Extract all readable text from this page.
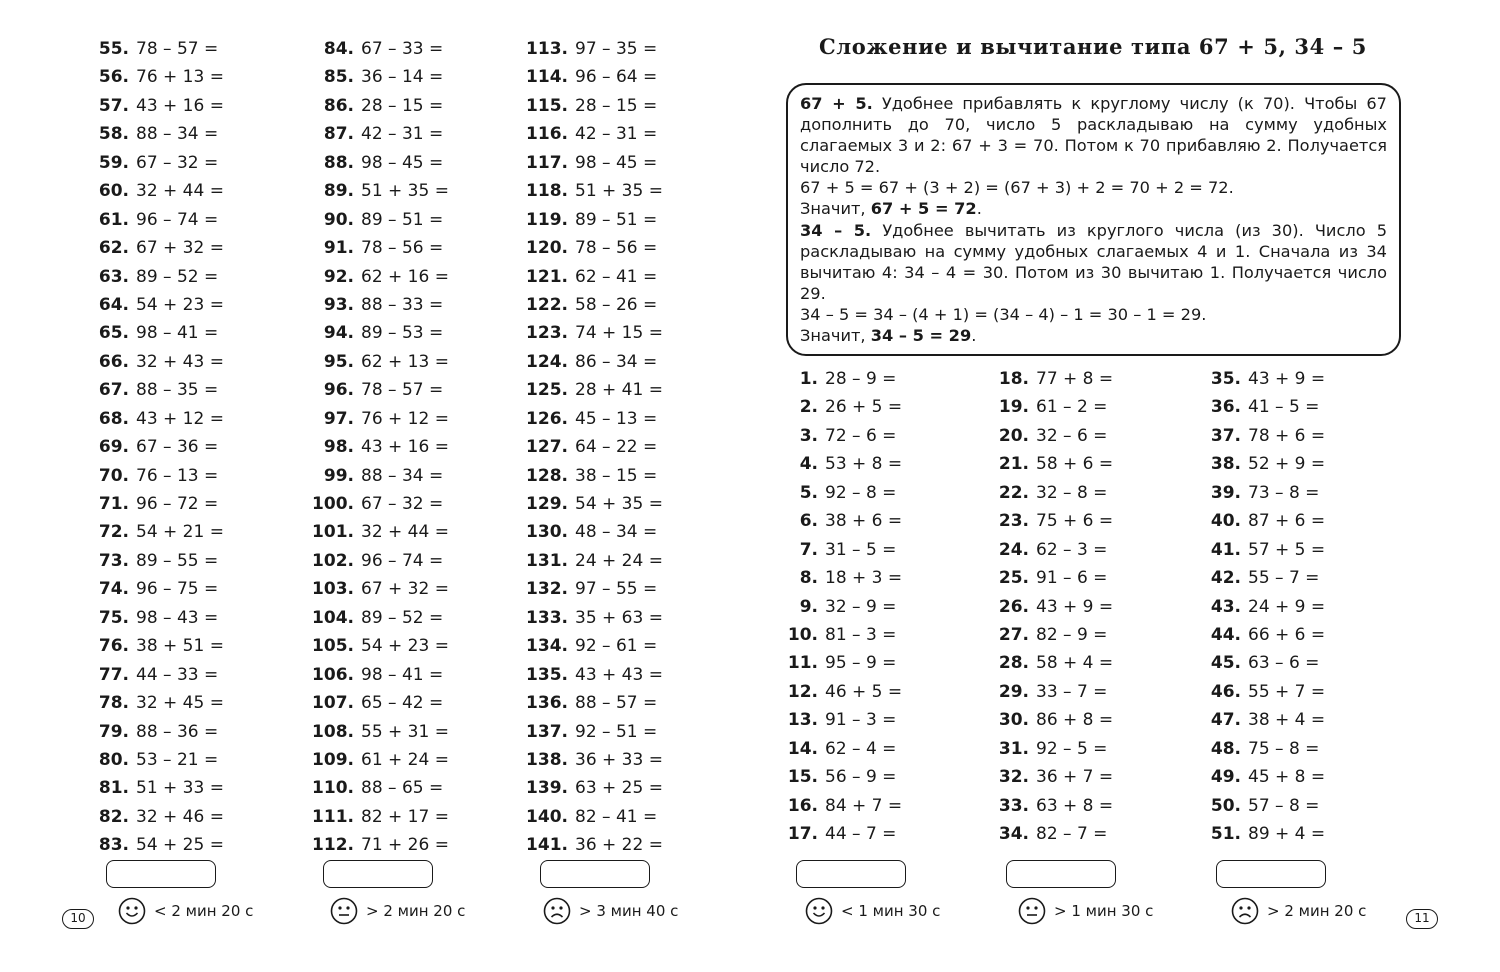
55. 78 – 57 =
56. 76 + 13 =
57. 43 + 16 =
58. 88 – 34 =
59. 67 – 32 =
60. 32 + 44 =
61. 96 – 74 =
62. 67 + 32 =
63. 89 – 52 =
64. 54 + 23 =
65. 98 – 41 =
66. 32 + 43 =
67. 88 – 35 =
68. 43 + 12 =
69. 67 – 36 =
70. 76 – 13 =
71. 96 – 72 =
72. 54 + 21 =
73. 89 – 55 =
74. 96 – 75 =
75. 98 – 43 =
76. 38 + 51 =
77. 44 – 33 =
78. 32 + 45 =
79. 88 – 36 =
80. 53 – 21 =
81. 51 + 33 =
82. 32 + 46 =
83. 54 + 25 =
84. 67 – 33 =
85. 36 – 14 =
86. 28 – 15 =
87. 42 – 31 =
88. 98 – 45 =
89. 51 + 35 =
90. 89 – 51 =
91. 78 – 56 =
92. 62 + 16 =
93. 88 – 33 =
94. 89 – 53 =
95. 62 + 13 =
96. 78 – 57 =
97. 76 + 12 =
98. 43 + 16 =
99. 88 – 34 =
100. 67 – 32 =
101. 32 + 44 =
102. 96 – 74 =
103. 67 + 32 =
104. 89 – 52 =
105. 54 + 23 =
106. 98 – 41 =
107. 65 – 42 =
108. 55 + 31 =
109. 61 + 24 =
110. 88 – 65 =
111. 82 + 17 =
112. 71 + 26 =
113. 97 – 35 =
114. 96 – 64 =
115. 28 – 15 =
116. 42 – 31 =
117. 98 – 45 =
118. 51 + 35 =
119. 89 – 51 =
120. 78 – 56 =
121. 62 – 41 =
122. 58 – 26 =
123. 74 + 15 =
124. 86 – 34 =
125. 28 + 41 =
126. 45 – 13 =
127. 64 – 22 =
128. 38 – 15 =
129. 54 + 35 =
130. 48 – 34 =
131. 24 + 24 =
132. 97 – 55 =
133. 35 + 63 =
134. 92 – 61 =
135. 43 + 43 =
136. 88 – 57 =
137. 92 – 51 =
138. 36 + 33 =
139. 63 + 25 =
140. 82 – 41 =
141. 36 + 22 =
< 2 мин 20 с	> 2 мин 20 с	> 3 мин 40 с
10
Сложение и вычитание типа 67 + 5, 34 – 5

67 + 5. Удобнее прибавлять к круглому числу (к 70). Чтобы 67 дополнить до 70, число 5 раскладываю на сумму удобных слагаемых 3 и 2: 67 + 3 = 70. Потом к 70 прибавляю 2. Получается число 72.

67 + 5 = 67 + (3 + 2) = (67 + 3) + 2 = 70 + 2 = 72.

Значит, 67 + 5 = 72.

34 – 5. Удобнее вычитать из круглого числа (из 30). Число 5 раскладываю на сумму удобных слагаемых 4 и 1. Сначала из 34 вычитаю 4: 34 – 4 = 30. Потом из 30 вычитаю 1. Получается число 29.

34 – 5 = 34 – (4 + 1) = (34 – 4) – 1 = 30 – 1 = 29.

Значит, 34 – 5 = 29.

1. 28 – 9 =
2. 26 + 5 =
3. 72 – 6 =
4. 53 + 8 =
5. 92 – 8 =
6. 38 + 6 =
7. 31 – 5 =
8. 18 + 3 =
9. 32 – 9 =
10. 81 – 3 =
11. 95 – 9 =
12. 46 + 5 =
13. 91 – 3 =
14. 62 – 4 =
15. 56 – 9 =
16. 84 + 7 =
17. 44 – 7 =
18. 77 + 8 =
19. 61 – 2 =
20. 32 – 6 =
21. 58 + 6 =
22. 32 – 8 =
23. 75 + 6 =
24. 62 – 3 =
25. 91 – 6 =
26. 43 + 9 =
27. 82 – 9 =
28. 58 + 4 =
29. 33 – 7 =
30. 86 + 8 =
31. 92 – 5 =
32. 36 + 7 =
33. 63 + 8 =
34. 82 – 7 =
35. 43 + 9 =
36. 41 – 5 =
37. 78 + 6 =
38. 52 + 9 =
39. 73 – 8 =
40. 87 + 6 =
41. 57 + 5 =
42. 55 – 7 =
43. 24 + 9 =
44. 66 + 6 =
45. 63 – 6 =
46. 55 + 7 =
47. 38 + 4 =
48. 75 – 8 =
49. 45 + 8 =
50. 57 – 8 =
51. 89 + 4 =
< 1 мин 30 с	> 1 мин 30 с	> 2 мин 20 с	11
